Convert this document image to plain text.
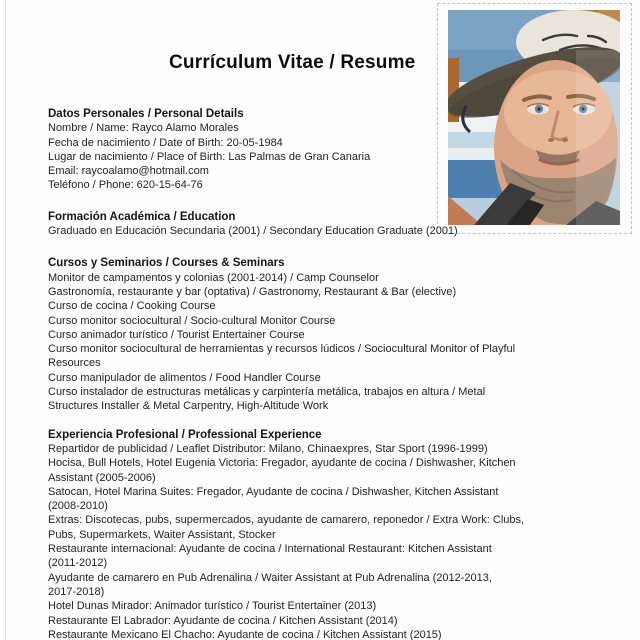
Currículum Vitae / Resume
Datos Personales / Personal Details
Nombre / Name: Rayco Alamo Morales
Fecha de nacimiento / Date of Birth: 20-05-1984
Lugar de nacimiento / Place of Birth: Las Palmas de Gran Canaria
Email: raycoalamo@hotmail.com
Teléfono / Phone: 620-15-64-76
Formación Académica / Education
Graduado en Educación Secundaria (2001) / Secondary Education Graduate (2001)
Cursos y Seminarios / Courses & Seminars
Monitor de campamentos y colonias (2001-2014) / Camp Counselor
Gastronomía, restaurante y bar (optativa) / Gastronomy, Restaurant & Bar (elective)
Curso de cocina / Cooking Course
Curso monitor sociocultural / Socio-cultural Monitor Course
Curso animador turístico / Tourist Entertainer Course
Curso monitor sociocultural de herramientas y recursos lúdicos / Sociocultural Monitor of Playful
Resources
Curso manipulador de alimentos / Food Handler Course
Curso instalador de estructuras metálicas y carpintería metálica, trabajos en altura / Metal
Structures Installer & Metal Carpentry, High-Altitude Work
Experiencia Profesional / Professional Experience
Repartidor de publicidad / Leaflet Distributor: Milano, Chinaexpres, Star Sport (1996-1999)
Hocisa, Bull Hotels, Hotel Eugenia Victoria: Fregador, ayudante de cocina / Dishwasher, Kitchen
Assistant (2005-2006)
Satocan, Hotel Marina Suites: Fregador, Ayudante de cocina / Dishwasher, Kitchen Assistant
(2008-2010)
Extras: Discotecas, pubs, supermercados, ayudante de camarero, reponedor / Extra Work: Clubs,
Pubs, Supermarkets, Waiter Assistant, Stocker
Restaurante internacional: Ayudante de cocina / International Restaurant: Kitchen Assistant
(2011-2012)
Ayudante de camarero en Pub Adrenalina / Waiter Assistant at Pub Adrenalina (2012-2013,
2017-2018)
Hotel Dunas Mirador: Animador turístico / Tourist Entertainer (2013)
Restaurante El Labrador: Ayudante de cocina / Kitchen Assistant (2014)
Restaurante Mexicano El Chacho: Ayudante de cocina / Kitchen Assistant (2015)
